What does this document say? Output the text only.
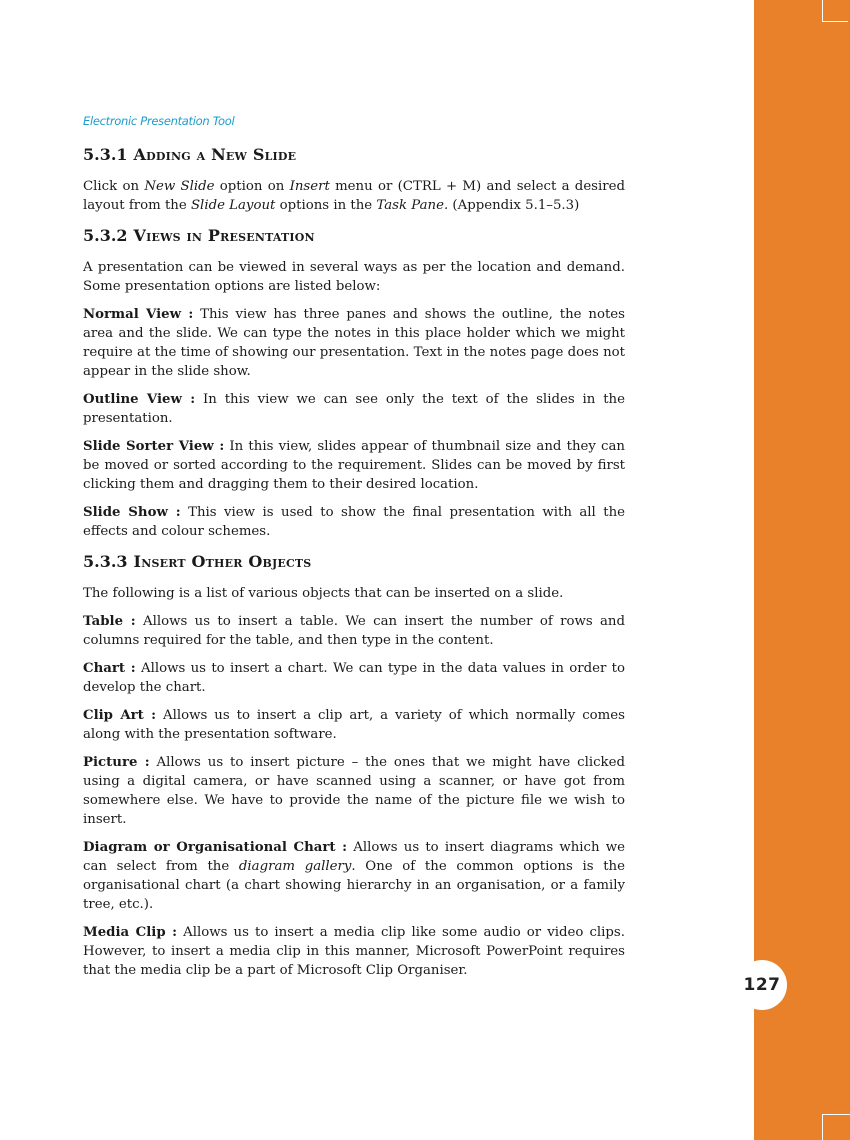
127
Electronic Presentation Tool
5.3.1 Adding a New Slide

Click on New Slide option on Insert menu or (CTRL + M) and select a desired layout from the Slide Layout options in the Task Pane. (Appendix 5.1–5.3)

5.3.2 Views in Presentation

A presentation can be viewed in several ways as per the location and demand. Some presentation options are listed below:

Normal View : This view has three panes and shows the outline, the notes area and the slide. We can type the notes in this place holder which we might require at the time of showing our presentation. Text in the notes page does not appear in the slide show.

Outline View : In this view we can see only the text of the slides in the presentation.

Slide Sorter View : In this view, slides appear of thumbnail size and they can be moved or sorted according to the requirement. Slides can be moved by first clicking them and dragging them to their desired location.

Slide Show : This view is used to show the final presentation with all the effects and colour schemes.

5.3.3 Insert Other Objects

The following is a list of various objects that can be inserted on a slide.

Table : Allows us to insert a table. We can insert the number of rows and columns required for the table, and then type in the content.

Chart : Allows us to insert a chart. We can type in the data values in order to develop the chart.

Clip Art : Allows us to insert a clip art, a variety of which normally comes along with the presentation software.

Picture : Allows us to insert picture – the ones that we might have clicked using a digital camera, or have scanned using a scanner, or have got from somewhere else. We have to provide the name of the picture file we wish to insert.

Diagram or Organisational Chart : Allows us to insert diagrams which we can select from the diagram gallery. One of the common options is the organisational chart (a chart showing hierarchy in an organisation, or a family tree, etc.).

Media Clip : Allows us to insert a media clip like some audio or video clips. However, to insert a media clip in this manner, Microsoft PowerPoint requires that the media clip be a part of Microsoft Clip Organiser.
